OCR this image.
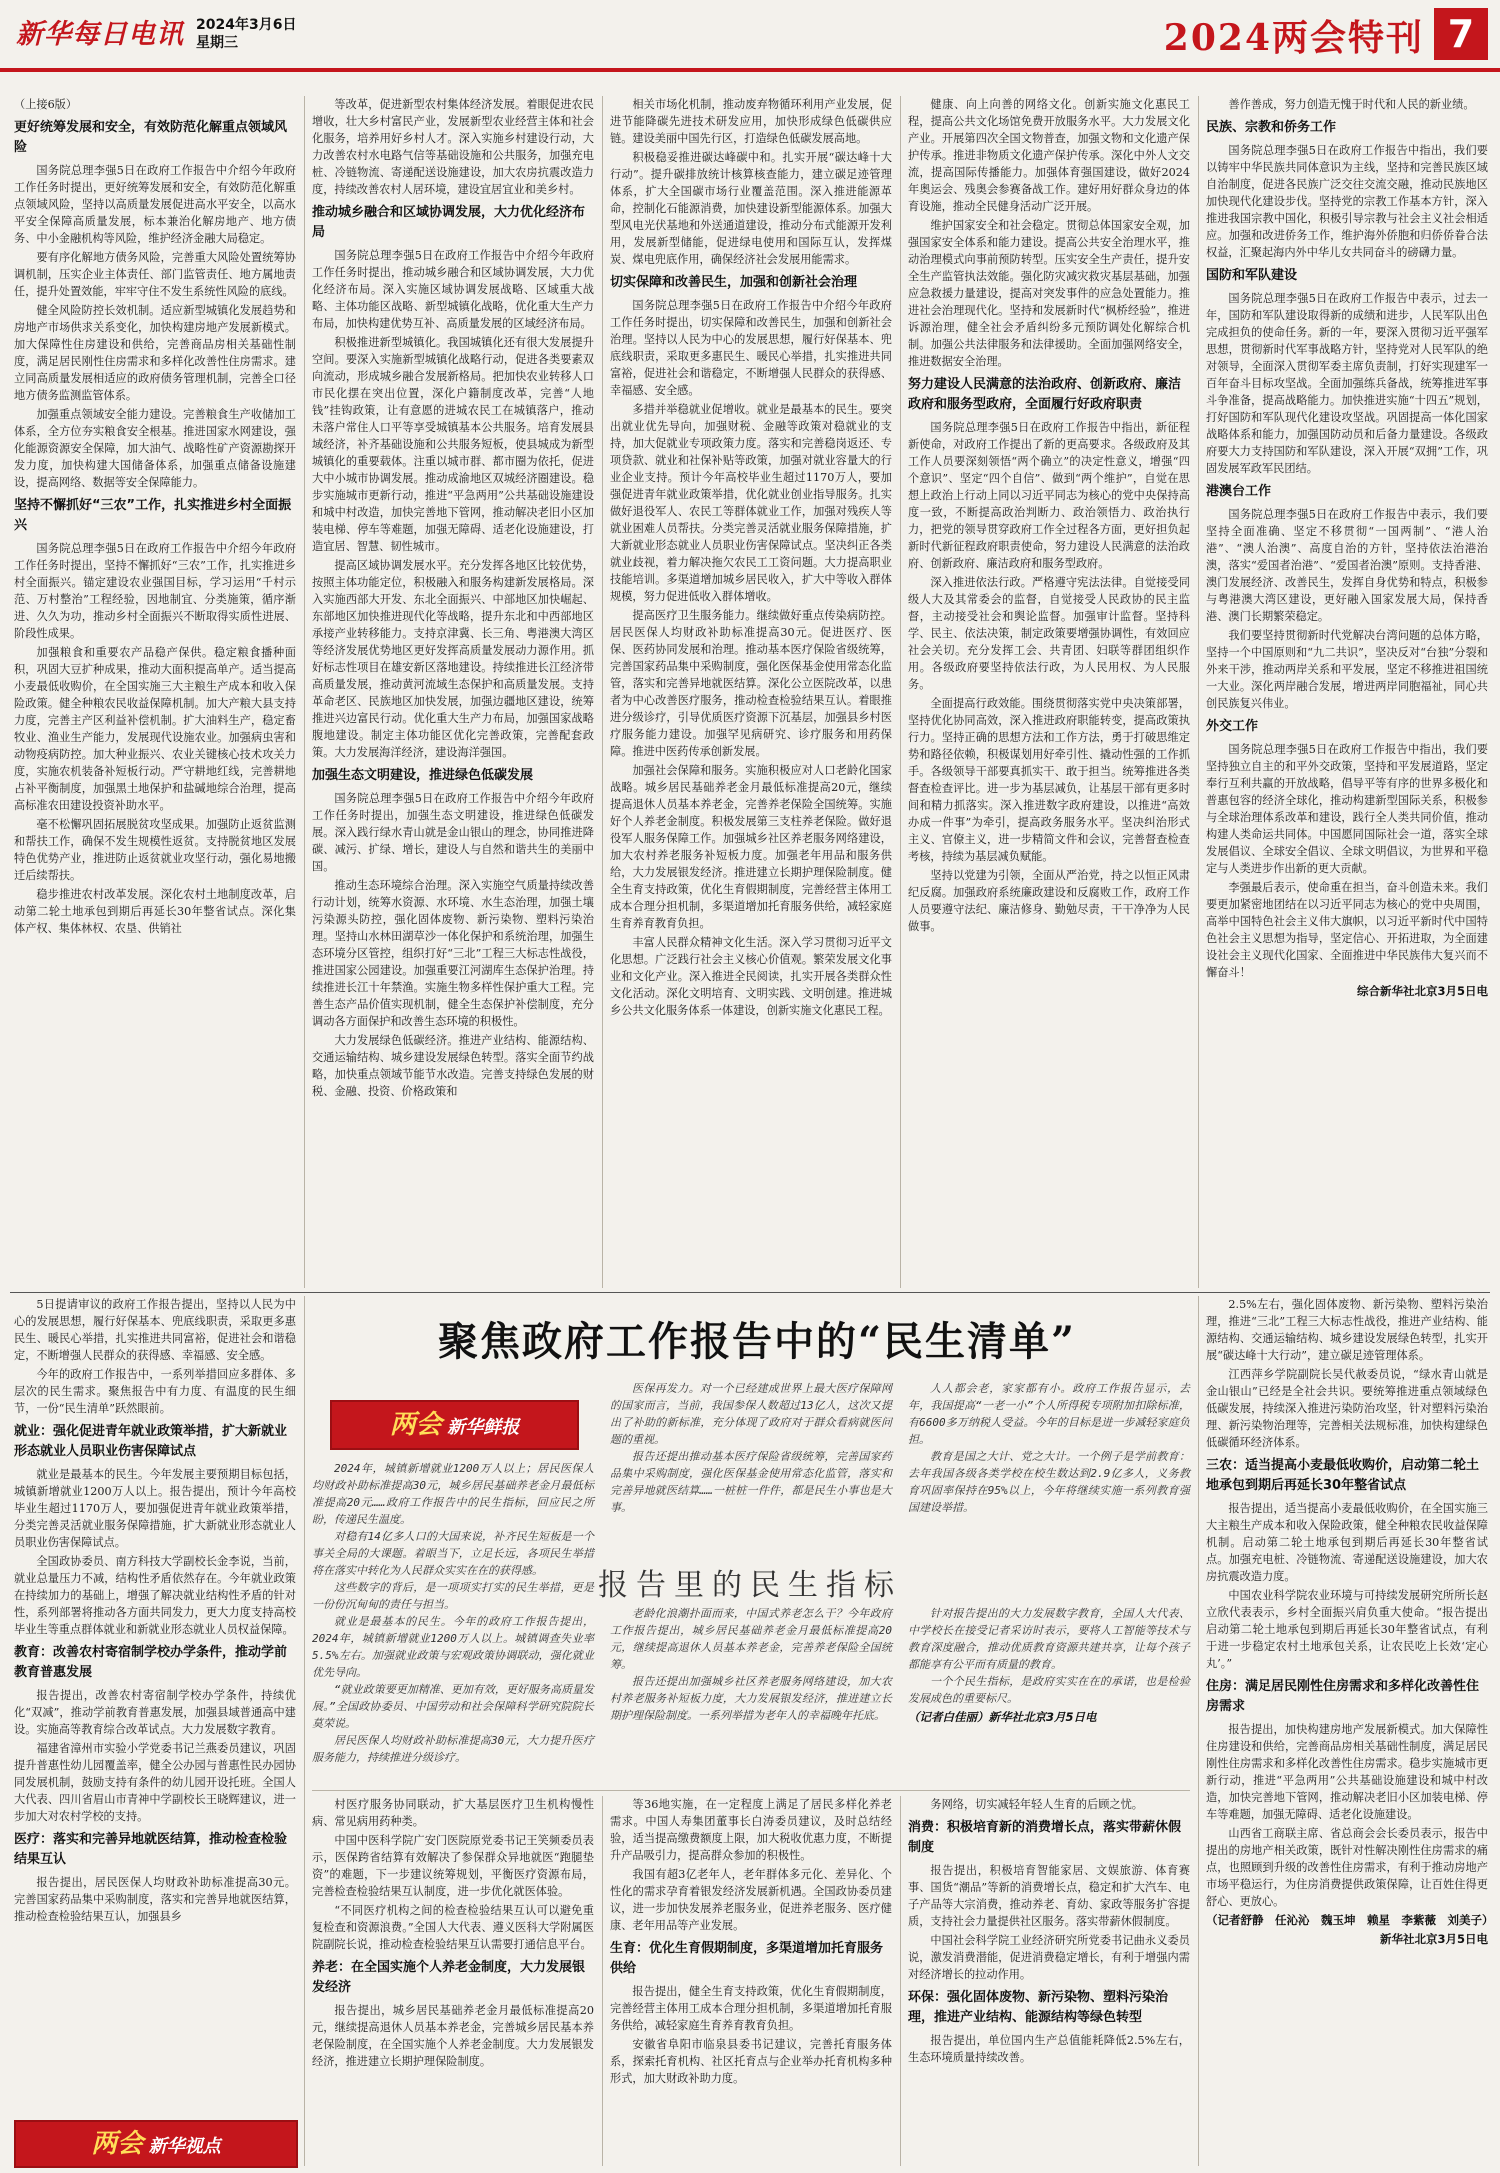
新华每日电讯 2024年3月6日
星期三	2024两会特刊 7

（上接6版）

更好统筹发展和安全，有效防范化解重点领域风险

国务院总理李强5日在政府工作报告中介绍今年政府工作任务时提出，更好统筹发展和安全，有效防范化解重点领域风险，坚持以高质量发展促进高水平安全，以高水平安全保障高质量发展，标本兼治化解房地产、地方债务、中小金融机构等风险，维护经济金融大局稳定。

要有序化解地方债务风险，完善重大风险处置统筹协调机制，压实企业主体责任、部门监管责任、地方属地责任，提升处置效能，牢牢守住不发生系统性风险的底线。

健全风险防控长效机制。适应新型城镇化发展趋势和房地产市场供求关系变化，加快构建房地产发展新模式。加大保障性住房建设和供给，完善商品房相关基础性制度，满足居民刚性住房需求和多样化改善性住房需求。建立同高质量发展相适应的政府债务管理机制，完善全口径地方债务监测监管体系。

加强重点领域安全能力建设。完善粮食生产收储加工体系，全方位夯实粮食安全根基。推进国家水网建设，强化能源资源安全保障，加大油气、战略性矿产资源勘探开发力度，加快构建大国储备体系，加强重点储备设施建设，提高网络、数据等安全保障能力。

坚持不懈抓好“三农”工作，扎实推进乡村全面振兴

国务院总理李强5日在政府工作报告中介绍今年政府工作任务时提出，坚持不懈抓好“三农”工作，扎实推进乡村全面振兴。锚定建设农业强国目标，学习运用“千村示范、万村整治”工程经验，因地制宜、分类施策，循序渐进、久久为功，推动乡村全面振兴不断取得实质性进展、阶段性成果。

加强粮食和重要农产品稳产保供。稳定粮食播种面积，巩固大豆扩种成果，推动大面积提高单产。适当提高小麦最低收购价，在全国实施三大主粮生产成本和收入保险政策。健全种粮农民收益保障机制。加大产粮大县支持力度，完善主产区利益补偿机制。扩大油料生产，稳定畜牧业、渔业生产能力，发展现代设施农业。加强病虫害和动物疫病防控。加大种业振兴、农业关键核心技术攻关力度，实施农机装备补短板行动。严守耕地红线，完善耕地占补平衡制度，加强黑土地保护和盐碱地综合治理，提高高标准农田建设投资补助水平。

毫不松懈巩固拓展脱贫攻坚成果。加强防止返贫监测和帮扶工作，确保不发生规模性返贫。支持脱贫地区发展特色优势产业，推进防止返贫就业攻坚行动，强化易地搬迁后续帮扶。

稳步推进农村改革发展。深化农村土地制度改革，启动第二轮土地承包到期后再延长30年整省试点。深化集体产权、集体林权、农垦、供销社

等改革，促进新型农村集体经济发展。着眼促进农民增收，壮大乡村富民产业，发展新型农业经营主体和社会化服务，培养用好乡村人才。深入实施乡村建设行动，大力改善农村水电路气信等基础设施和公共服务，加强充电桩、冷链物流、寄递配送设施建设，加大农房抗震改造力度，持续改善农村人居环境，建设宜居宜业和美乡村。

推动城乡融合和区域协调发展，大力优化经济布局

国务院总理李强5日在政府工作报告中介绍今年政府工作任务时提出，推动城乡融合和区域协调发展，大力优化经济布局。深入实施区域协调发展战略、区域重大战略、主体功能区战略、新型城镇化战略，优化重大生产力布局，加快构建优势互补、高质量发展的区域经济布局。

积极推进新型城镇化。我国城镇化还有很大发展提升空间。要深入实施新型城镇化战略行动，促进各类要素双向流动，形成城乡融合发展新格局。把加快农业转移人口市民化摆在突出位置，深化户籍制度改革，完善“人地钱”挂钩政策，让有意愿的进城农民工在城镇落户，推动未落户常住人口平等享受城镇基本公共服务。培育发展县域经济，补齐基础设施和公共服务短板，使县城成为新型城镇化的重要载体。注重以城市群、都市圈为依托，促进大中小城市协调发展。推动成渝地区双城经济圈建设。稳步实施城市更新行动，推进“平急两用”公共基础设施建设和城中村改造，加快完善地下管网，推动解决老旧小区加装电梯、停车等难题，加强无障碍、适老化设施建设，打造宜居、智慧、韧性城市。

提高区域协调发展水平。充分发挥各地区比较优势，按照主体功能定位，积极融入和服务构建新发展格局。深入实施西部大开发、东北全面振兴、中部地区加快崛起、东部地区加快推进现代化等战略，提升东北和中西部地区承接产业转移能力。支持京津冀、长三角、粤港澳大湾区等经济发展优势地区更好发挥高质量发展动力源作用。抓好标志性项目在雄安新区落地建设。持续推进长江经济带高质量发展，推动黄河流域生态保护和高质量发展。支持革命老区、民族地区加快发展，加强边疆地区建设，统筹推进兴边富民行动。优化重大生产力布局，加强国家战略腹地建设。制定主体功能区优化完善政策，完善配套政策。大力发展海洋经济，建设海洋强国。

加强生态文明建设，推进绿色低碳发展

国务院总理李强5日在政府工作报告中介绍今年政府工作任务时提出，加强生态文明建设，推进绿色低碳发展。深入践行绿水青山就是金山银山的理念，协同推进降碳、减污、扩绿、增长，建设人与自然和谐共生的美丽中国。

推动生态环境综合治理。深入实施空气质量持续改善行动计划，统筹水资源、水环境、水生态治理，加强土壤污染源头防控，强化固体废物、新污染物、塑料污染治理。坚持山水林田湖草沙一体化保护和系统治理，加强生态环境分区管控，组织打好“三北”工程三大标志性战役，推进国家公园建设。加强重要江河湖库生态保护治理。持续推进长江十年禁渔。实施生物多样性保护重大工程。完善生态产品价值实现机制，健全生态保护补偿制度，充分调动各方面保护和改善生态环境的积极性。

大力发展绿色低碳经济。推进产业结构、能源结构、交通运输结构、城乡建设发展绿色转型。落实全面节约战略，加快重点领域节能节水改造。完善支持绿色发展的财税、金融、投资、价格政策和

相关市场化机制，推动废弃物循环利用产业发展，促进节能降碳先进技术研发应用，加快形成绿色低碳供应链。建设美丽中国先行区，打造绿色低碳发展高地。

积极稳妥推进碳达峰碳中和。扎实开展“碳达峰十大行动”。提升碳排放统计核算核查能力，建立碳足迹管理体系，扩大全国碳市场行业覆盖范围。深入推进能源革命，控制化石能源消费，加快建设新型能源体系。加强大型风电光伏基地和外送通道建设，推动分布式能源开发利用，发展新型储能，促进绿电使用和国际互认，发挥煤炭、煤电兜底作用，确保经济社会发展用能需求。

切实保障和改善民生，加强和创新社会治理

国务院总理李强5日在政府工作报告中介绍今年政府工作任务时提出，切实保障和改善民生，加强和创新社会治理。坚持以人民为中心的发展思想，履行好保基本、兜底线职责，采取更多惠民生、暖民心举措，扎实推进共同富裕，促进社会和谐稳定，不断增强人民群众的获得感、幸福感、安全感。

多措并举稳就业促增收。就业是最基本的民生。要突出就业优先导向，加强财税、金融等政策对稳就业的支持，加大促就业专项政策力度。落实和完善稳岗返还、专项贷款、就业和社保补贴等政策，加强对就业容量大的行业企业支持。预计今年高校毕业生超过1170万人，要加强促进青年就业政策举措，优化就业创业指导服务。扎实做好退役军人、农民工等群体就业工作，加强对残疾人等就业困难人员帮扶。分类完善灵活就业服务保障措施，扩大新就业形态就业人员职业伤害保障试点。坚决纠正各类就业歧视，着力解决拖欠农民工工资问题。大力提高职业技能培训。多渠道增加城乡居民收入，扩大中等收入群体规模，努力促进低收入群体增收。

提高医疗卫生服务能力。继续做好重点传染病防控。居民医保人均财政补助标准提高30元。促进医疗、医保、医药协同发展和治理。推动基本医疗保险省级统筹，完善国家药品集中采购制度，强化医保基金使用常态化监管，落实和完善异地就医结算。深化公立医院改革，以患者为中心改善医疗服务，推动检查检验结果互认。着眼推进分级诊疗，引导优质医疗资源下沉基层，加强县乡村医疗服务能力建设。加强罕见病研究、诊疗服务和用药保障。推进中医药传承创新发展。

加强社会保障和服务。实施积极应对人口老龄化国家战略。城乡居民基础养老金月最低标准提高20元，继续提高退休人员基本养老金，完善养老保险全国统筹。实施好个人养老金制度。积极发展第三支柱养老保险。做好退役军人服务保障工作。加强城乡社区养老服务网络建设，加大农村养老服务补短板力度。加强老年用品和服务供给，大力发展银发经济。推进建立长期护理保险制度。健全生育支持政策，优化生育假期制度，完善经营主体用工成本合理分担机制，多渠道增加托育服务供给，减轻家庭生育养育教育负担。

丰富人民群众精神文化生活。深入学习贯彻习近平文化思想。广泛践行社会主义核心价值观。繁荣发展文化事业和文化产业。深入推进全民阅读，扎实开展各类群众性文化活动。深化文明培育、文明实践、文明创建。推进城乡公共文化服务体系一体建设，创新实施文化惠民工程。

健康、向上向善的网络文化。创新实施文化惠民工程，提高公共文化场馆免费开放服务水平。大力发展文化产业。开展第四次全国文物普查，加强文物和文化遗产保护传承。推进非物质文化遗产保护传承。深化中外人文交流，提高国际传播能力。加强体育强国建设，做好2024年奥运会、残奥会参赛备战工作。建好用好群众身边的体育设施，推动全民健身活动广泛开展。

维护国家安全和社会稳定。贯彻总体国家安全观，加强国家安全体系和能力建设。提高公共安全治理水平，推动治理模式向事前预防转型。压实安全生产责任，提升安全生产监管执法效能。强化防灾减灾救灾基层基础，加强应急救援力量建设，提高对突发事件的应急处置能力。推进社会治理现代化。坚持和发展新时代“枫桥经验”，推进诉源治理，健全社会矛盾纠纷多元预防调处化解综合机制。加强公共法律服务和法律援助。全面加强网络安全，推进数据安全治理。

努力建设人民满意的法治政府、创新政府、廉洁政府和服务型政府，全面履行好政府职责

国务院总理李强5日在政府工作报告中指出，新征程新使命，对政府工作提出了新的更高要求。各级政府及其工作人员要深刻领悟“两个确立”的决定性意义，增强“四个意识”、坚定“四个自信”、做到“两个维护”，自觉在思想上政治上行动上同以习近平同志为核心的党中央保持高度一致，不断提高政治判断力、政治领悟力、政治执行力，把党的领导贯穿政府工作全过程各方面，更好担负起新时代新征程政府职责使命，努力建设人民满意的法治政府、创新政府、廉洁政府和服务型政府。

深入推进依法行政。严格遵守宪法法律。自觉接受同级人大及其常委会的监督，自觉接受人民政协的民主监督，主动接受社会和舆论监督。加强审计监督。坚持科学、民主、依法决策，制定政策要增强协调性，有效回应社会关切。充分发挥工会、共青团、妇联等群团组织作用。各级政府要坚持依法行政，为人民用权、为人民服务。

全面提高行政效能。围绕贯彻落实党中央决策部署，坚持优化协同高效，深入推进政府职能转变，提高政策执行力。坚持正确的思想方法和工作方法，勇于打破思维定势和路径依赖，积极谋划用好牵引性、撬动性强的工作抓手。各级领导干部要真抓实干、敢于担当。统筹推进各类督查检查评比。进一步为基层减负，让基层干部有更多时间和精力抓落实。深入推进数字政府建设，以推进“高效办成一件事”为牵引，提高政务服务水平。坚决纠治形式主义、官僚主义，进一步精简文件和会议，完善督查检查考核，持续为基层减负赋能。

坚持以党建为引领，全面从严治党，持之以恒正风肃纪反腐。加强政府系统廉政建设和反腐败工作，政府工作人员要遵守法纪、廉洁修身、勤勉尽责，干干净净为人民做事。

善作善成，努力创造无愧于时代和人民的新业绩。

民族、宗教和侨务工作

国务院总理李强5日在政府工作报告中指出，我们要以铸牢中华民族共同体意识为主线，坚持和完善民族区域自治制度，促进各民族广泛交往交流交融，推动民族地区加快现代化建设步伐。坚持党的宗教工作基本方针，深入推进我国宗教中国化，积极引导宗教与社会主义社会相适应。加强和改进侨务工作，维护海外侨胞和归侨侨眷合法权益，汇聚起海内外中华儿女共同奋斗的磅礴力量。

国防和军队建设

国务院总理李强5日在政府工作报告中表示，过去一年，国防和军队建设取得新的成绩和进步，人民军队出色完成担负的使命任务。新的一年，要深入贯彻习近平强军思想，贯彻新时代军事战略方针，坚持党对人民军队的绝对领导，全面深入贯彻军委主席负责制，打好实现建军一百年奋斗目标攻坚战。全面加强练兵备战，统筹推进军事斗争准备，提高战略能力。加快推进实施“十四五”规划，打好国防和军队现代化建设攻坚战。巩固提高一体化国家战略体系和能力，加强国防动员和后备力量建设。各级政府要大力支持国防和军队建设，深入开展“双拥”工作，巩固发展军政军民团结。

港澳台工作

国务院总理李强5日在政府工作报告中表示，我们要坚持全面准确、坚定不移贯彻“一国两制”、“港人治港”、“澳人治澳”、高度自治的方针，坚持依法治港治澳，落实“爱国者治港”、“爱国者治澳”原则。支持香港、澳门发展经济、改善民生，发挥自身优势和特点，积极参与粤港澳大湾区建设，更好融入国家发展大局，保持香港、澳门长期繁荣稳定。

我们要坚持贯彻新时代党解决台湾问题的总体方略，坚持一个中国原则和“九二共识”，坚决反对“台独”分裂和外来干涉，推动两岸关系和平发展，坚定不移推进祖国统一大业。深化两岸融合发展，增进两岸同胞福祉，同心共创民族复兴伟业。

外交工作

国务院总理李强5日在政府工作报告中指出，我们要坚持独立自主的和平外交政策，坚持和平发展道路，坚定奉行互利共赢的开放战略，倡导平等有序的世界多极化和普惠包容的经济全球化，推动构建新型国际关系，积极参与全球治理体系改革和建设，践行全人类共同价值，推动构建人类命运共同体。中国愿同国际社会一道，落实全球发展倡议、全球安全倡议、全球文明倡议，为世界和平稳定与人类进步作出新的更大贡献。

李强最后表示，使命重在担当，奋斗创造未来。我们要更加紧密地团结在以习近平同志为核心的党中央周围，高举中国特色社会主义伟大旗帜，以习近平新时代中国特色社会主义思想为指导，坚定信心、开拓进取，为全面建设社会主义现代化国家、全面推进中华民族伟大复兴而不懈奋斗！

综合新华社北京3月5日电
聚焦政府工作报告中的“民生清单”
两会 新华鲜报

5日提请审议的政府工作报告提出，坚持以人民为中心的发展思想，履行好保基本、兜底线职责，采取更多惠民生、暖民心举措，扎实推进共同富裕，促进社会和谐稳定，不断增强人民群众的获得感、幸福感、安全感。

今年的政府工作报告中，一系列举措回应多群体、多层次的民生需求。聚焦报告中有力度、有温度的民生细节，一份“民生清单”跃然眼前。

就业：强化促进青年就业政策举措，扩大新就业形态就业人员职业伤害保障试点

就业是最基本的民生。今年发展主要预期目标包括，城镇新增就业1200万人以上。报告提出，预计今年高校毕业生超过1170万人，要加强促进青年就业政策举措，分类完善灵活就业服务保障措施，扩大新就业形态就业人员职业伤害保障试点。

全国政协委员、南方科技大学副校长金李说，当前，就业总量压力不减，结构性矛盾依然存在。今年就业政策在持续加力的基础上，增强了解决就业结构性矛盾的针对性，系列部署将推动各方面共同发力，更大力度支持高校毕业生等重点群体就业和新就业形态就业人员权益保障。

教育：改善农村寄宿制学校办学条件，推动学前教育普惠发展

报告提出，改善农村寄宿制学校办学条件，持续优化“双减”，推动学前教育普惠发展，加强县域普通高中建设。实施高等教育综合改革试点。大力发展数字教育。

福建省漳州市实验小学党委书记兰燕委员建议，巩固提升普惠性幼儿园覆盖率，健全公办园与普惠性民办园协同发展机制，鼓励支持有条件的幼儿园开设托班。全国人大代表、四川省眉山市青神中学副校长王晓辉建议，进一步加大对农村学校的支持。

医疗：落实和完善异地就医结算，推动检查检验结果互认

报告提出，居民医保人均财政补助标准提高30元。完善国家药品集中采购制度，落实和完善异地就医结算，推动检查检验结果互认，加强县乡

两会 新华视点

2024年，城镇新增就业1200万人以上；居民医保人均财政补助标准提高30元，城乡居民基础养老金月最低标准提高20元……政府工作报告中的民生指标，回应民之所盼，传递民生温度。

对稳有14亿多人口的大国来说，补齐民生短板是一个事关全局的大课题。着眼当下，立足长远，各项民生举措将在落实中转化为人民群众实实在在的获得感。

这些数字的背后，是一项项实打实的民生举措，更是一份份沉甸甸的责任与担当。

就业是最基本的民生。今年的政府工作报告提出，2024年，城镇新增就业1200万人以上。城镇调查失业率5.5%左右。加强就业政策与宏观政策协调联动，强化就业优先导向。

“就业政策要更加精准、更加有效，更好服务高质量发展。”全国政协委员、中国劳动和社会保障科学研究院院长莫荣说。

居民医保人均财政补助标准提高30元，大力提升医疗服务能力，持续推进分级诊疗。

医保再发力。对一个已经建成世界上最大医疗保障网的国家而言，当前，我国参保人数超过13亿人，这次又提出了补助的新标准，充分体现了政府对于群众看病就医问题的重视。

报告还提出推动基本医疗保险省级统筹，完善国家药品集中采购制度，强化医保基金使用常态化监管，落实和完善异地就医结算……一桩桩一件件，都是民生小事也是大事。

人人都会老，家家都有小。政府工作报告显示，去年，我国提高“一老一小”个人所得税专项附加扣除标准，有6600多万纳税人受益。今年的目标是进一步减轻家庭负担。

教育是国之大计、党之大计。一个例子是学前教育：去年我国各级各类学校在校生数达到2.9亿多人，义务教育巩固率保持在95%以上，今年将继续实施一系列教育强国建设举措。

报告里的民生指标

老龄化浪潮扑面而来，中国式养老怎么干？今年政府工作报告提出，城乡居民基础养老金月最低标准提高20元，继续提高退休人员基本养老金，完善养老保险全国统筹。

报告还提出加强城乡社区养老服务网络建设，加大农村养老服务补短板力度，大力发展银发经济，推进建立长期护理保险制度。一系列举措为老年人的幸福晚年托底。

针对报告提出的大力发展数字教育，全国人大代表、中学校长在接受记者采访时表示，要将人工智能等技术与教育深度融合，推动优质教育资源共建共享，让每个孩子都能享有公平而有质量的教育。

一个个民生指标，是政府实实在在的承诺，也是检验发展成色的重要标尺。

（记者白佳丽）新华社北京3月5日电

村医疗服务协同联动，扩大基层医疗卫生机构慢性病、常见病用药种类。

中国中医科学院广安门医院原党委书记王笑频委员表示，医保跨省结算有效解决了参保群众异地就医“跑腿垫资”的难题，下一步建议统筹规划，平衡医疗资源布局，完善检查检验结果互认制度，进一步优化就医体验。

“不同医疗机构之间的检查检验结果互认可以避免重复检查和资源浪费。”全国人大代表、遵义医科大学附属医院副院长说，推动检查检验结果互认需要打通信息平台。

养老：在全国实施个人养老金制度，大力发展银发经济

报告提出，城乡居民基础养老金月最低标准提高20元，继续提高退休人员基本养老金，完善城乡居民基本养老保险制度，在全国实施个人养老金制度。大力发展银发经济，推进建立长期护理保险制度。

等36地实施，在一定程度上满足了居民多样化养老需求。中国人寿集团董事长白涛委员建议，及时总结经验，适当提高缴费额度上限，加大税收优惠力度，不断提升产品吸引力，提高群众参加的积极性。

我国有超3亿老年人，老年群体多元化、差异化、个性化的需求孕育着银发经济发展新机遇。全国政协委员建议，进一步加快发展养老服务业，促进养老服务、医疗健康、老年用品等产业发展。

生育：优化生育假期制度，多渠道增加托育服务供给

报告提出，健全生育支持政策，优化生育假期制度，完善经营主体用工成本合理分担机制，多渠道增加托育服务供给，减轻家庭生育养育教育负担。

安徽省阜阳市临泉县委书记建议，完善托育服务体系，探索托育机构、社区托育点与企业举办托育机构多种形式，加大财政补助力度。

务网络，切实减轻年轻人生育的后顾之忧。

消费：积极培育新的消费增长点，落实带薪休假制度

报告提出，积极培育智能家居、文娱旅游、体育赛事、国货“潮品”等新的消费增长点，稳定和扩大汽车、电子产品等大宗消费，推动养老、育幼、家政等服务扩容提质，支持社会力量提供社区服务。落实带薪休假制度。

中国社会科学院工业经济研究所党委书记曲永义委员说，激发消费潜能，促进消费稳定增长，有利于增强内需对经济增长的拉动作用。

环保：强化固体废物、新污染物、塑料污染治理，推进产业结构、能源结构等绿色转型

报告提出，单位国内生产总值能耗降低2.5%左右，生态环境质量持续改善。

2.5%左右，强化固体废物、新污染物、塑料污染治理，推进“三北”工程三大标志性战役，推进产业结构、能源结构、交通运输结构、城乡建设发展绿色转型，扎实开展“碳达峰十大行动”，建立碳足迹管理体系。

江西萍乡学院副院长吴代赦委员说，“绿水青山就是金山银山”已经是全社会共识。要统筹推进重点领域绿色低碳发展，持续深入推进污染防治攻坚，针对塑料污染治理、新污染物治理等，完善相关法规标准，加快构建绿色低碳循环经济体系。

三农：适当提高小麦最低收购价，启动第二轮土地承包到期后再延长30年整省试点

报告提出，适当提高小麦最低收购价，在全国实施三大主粮生产成本和收入保险政策，健全种粮农民收益保障机制。启动第二轮土地承包到期后再延长30年整省试点。加强充电桩、冷链物流、寄递配送设施建设，加大农房抗震改造力度。

中国农业科学院农业环境与可持续发展研究所所长赵立欣代表表示，乡村全面振兴肩负重大使命。“报告提出启动第二轮土地承包到期后再延长30年整省试点，有利于进一步稳定农村土地承包关系，让农民吃上长效‘定心丸’。”

住房：满足居民刚性住房需求和多样化改善性住房需求

报告提出，加快构建房地产发展新模式。加大保障性住房建设和供给，完善商品房相关基础性制度，满足居民刚性住房需求和多样化改善性住房需求。稳步实施城市更新行动，推进“平急两用”公共基础设施建设和城中村改造，加快完善地下管网，推动解决老旧小区加装电梯、停车等难题，加强无障碍、适老化设施建设。

山西省工商联主席、省总商会会长委员表示，报告中提出的房地产相关政策，既针对性解决刚性住房需求的痛点，也照顾到升级的改善性住房需求，有利于推动房地产市场平稳运行，为住房消费提供政策保障，让百姓住得更舒心、更放心。

（记者舒静　任沁沁　魏玉坤　赖星　李紫薇　刘美子）
新华社北京3月5日电
